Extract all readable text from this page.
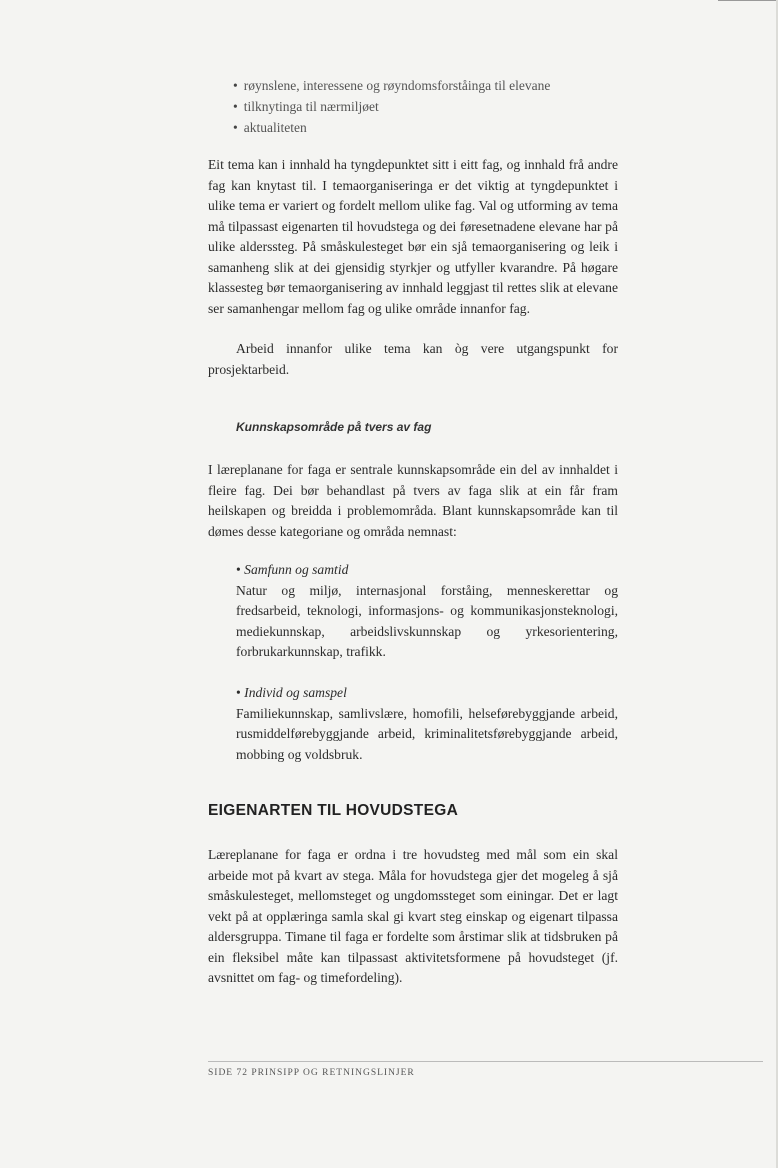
• røynslene, interessene og røyndomsforståinga til elevane
• tilknytinga til nærmiljøet
• aktualiteten

Eit tema kan i innhald ha tyngdepunktet sitt i eitt fag, og innhald frå andre fag kan knytast til. I temaorganiseringa er det viktig at tyngdepunktet i ulike tema er variert og fordelt mellom ulike fag. Val og utforming av tema må tilpassast eigenarten til hovudstega og dei føresetnadene elevane har på ulike alderssteg. På småskulesteget bør ein sjå temaorganisering og leik i samanheng slik at dei gjensidig styrkjer og utfyller kvarandre. På høgare klassesteg bør temaorganisering av innhald leggjast til rettes slik at elevane ser samanhengar mellom fag og ulike område innanfor fag.

Arbeid innanfor ulike tema kan òg vere utgangspunkt for prosjektarbeid.

Kunnskapsområde på tvers av fag

I læreplanane for faga er sentrale kunnskapsområde ein del av innhaldet i fleire fag. Dei bør behandlast på tvers av faga slik at ein får fram heilskapen og breidda i problemområda. Blant kunnskapsområde kan til dømes desse kategoriane og områda nemnast:

• Samfunn og samtid

Natur og miljø, internasjonal forståing, menneskerettar og fredsarbeid, teknologi, informasjons- og kommunikasjonsteknologi, mediekunnskap, arbeidslivskunnskap og yrkesorientering, forbrukarkunnskap, trafikk.

• Individ og samspel

Familiekunnskap, samlivslære, homofili, helseførebyggjande arbeid, rusmiddelførebyggjande arbeid, kriminalitetsførebyggjande arbeid, mobbing og voldsbruk.

EIGENARTEN TIL HOVUDSTEGA

Læreplanane for faga er ordna i tre hovudsteg med mål som ein skal arbeide mot på kvart av stega. Måla for hovudstega gjer det mogeleg å sjå småskulesteget, mellomsteget og ungdomssteget som einingar. Det er lagt vekt på at opplæringa samla skal gi kvart steg einskap og eigenart tilpassa aldersgruppa. Timane til faga er fordelte som årstimar slik at tidsbruken på ein fleksibel måte kan tilpassast aktivitetsformene på hovudsteget (jf. avsnittet om fag- og timefordeling).

SIDE 72 PRINSIPP OG RETNINGSLINJER
